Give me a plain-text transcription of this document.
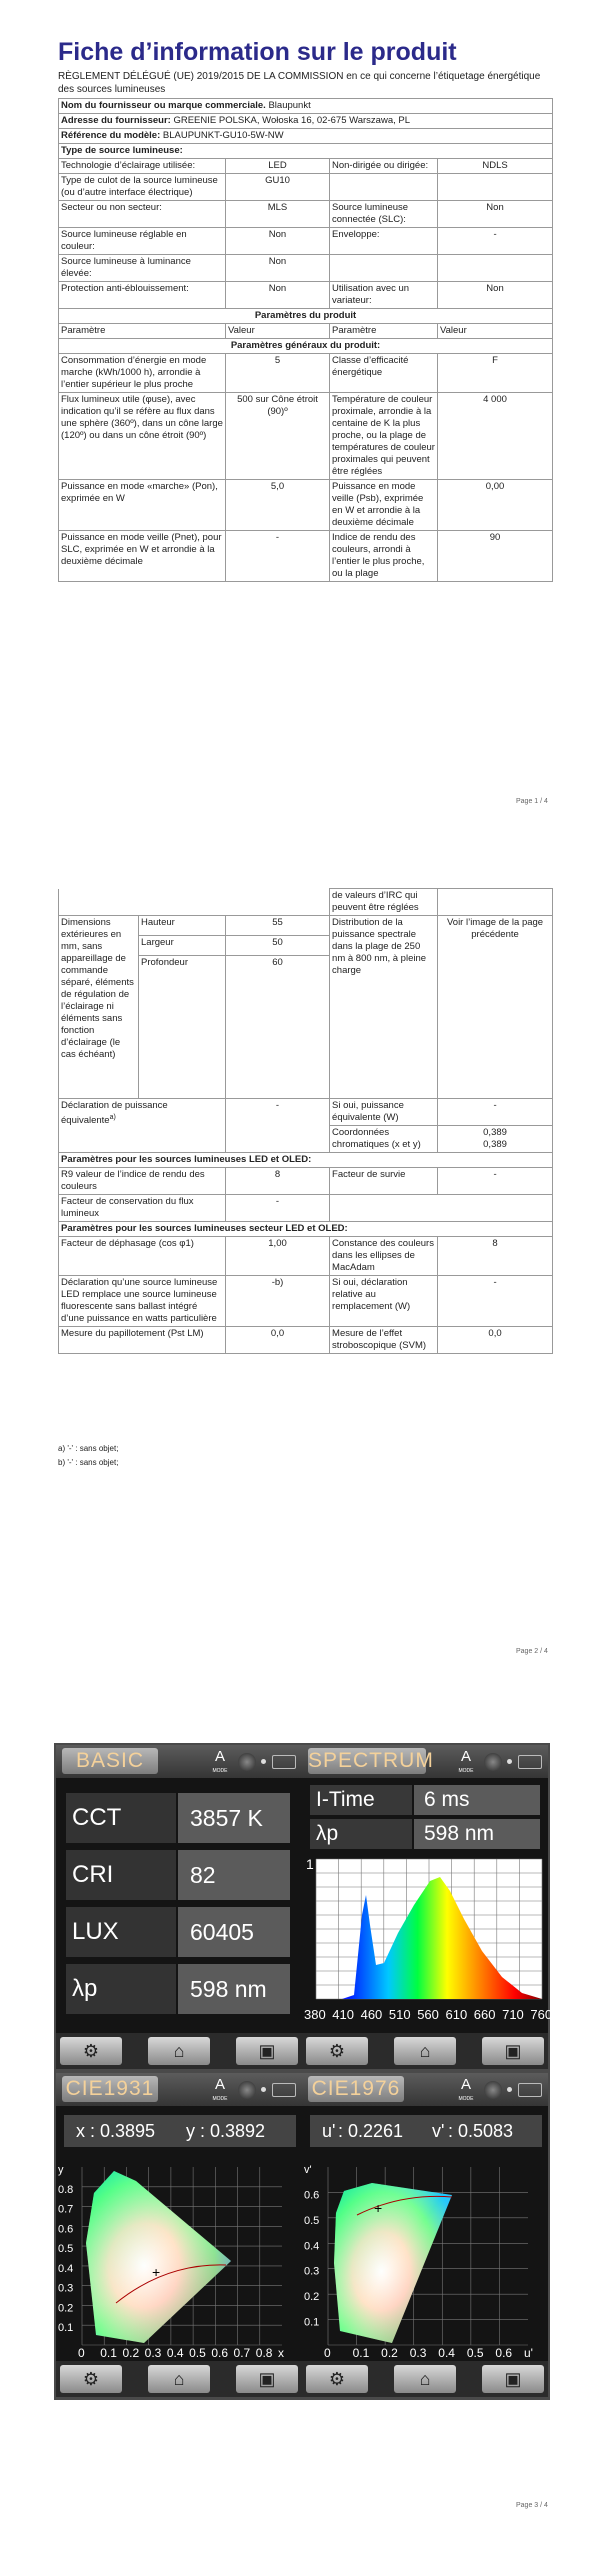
Fiche d’information sur le produit
RÈGLEMENT DÉLÉGUÉ (UE) 2019/2015 DE LA COMMISSION en ce qui concerne l’étiquetage énergétique des sources lumineuses
Nom du fournisseur ou marque commerciale. Blaupunkt			
Adresse du fournisseur: GREENIE POLSKA, Wołoska 16, 02-675 Warszawa, PL			
Référence du modèle: BLAUPUNKT-GU10-5W-NW			
Type de source lumineuse:			
Technologie d’éclairage utilisée:	LED	Non-dirigée ou dirigée:	NDLS
Type de culot de la source lumineuse (ou d’autre interface électrique)	GU10		
Secteur ou non secteur:	MLS	Source lumineuse connectée (SLC):	Non
Source lumineuse réglable en couleur:	Non	Enveloppe:	-
Source lumineuse à luminance élevée:	Non		
Protection anti-éblouissement:	Non	Utilisation avec un variateur:	Non
Paramètres du produit			
Paramètre	Valeur	Paramètre	Valeur
Paramètres généraux du produit:			
Consommation d’énergie en mode marche (kWh/1000 h), arrondie à l’entier supérieur le plus proche	5	Classe d’efficacité énergétique	F
Flux lumineux utile (φuse), avec indication qu’il se réfère au flux dans une sphère (360º), dans un cône large (120º) ou dans un cône étroit (90º)	500 sur Cône étroit (90)º	Température de couleur proximale, arrondie à la centaine de K la plus proche, ou la plage de températures de couleur proximales qui peuvent être réglées	4 000
Puissance en mode «marche» (Pon), exprimée en W	5,0	Puissance en mode veille (Psb), exprimée en W et arrondie à la deuxième décimale	0,00
Puissance en mode veille (Pnet), pour SLC, exprimée en W et arrondie à la deuxième décimale	-	Indice de rendu des couleurs, arrondi à l’entier le plus proche, ou la plage	90
Page 1 / 4
			de valeurs d’IRC qui peuvent être réglées	
Dimensions extérieures en mm, sans appareillage de commande séparé, éléments de régulation de l’éclairage ni éléments sans fonction d’éclairage (le cas échéant)	Hauteur	55	Distribution de la puissance spectrale dans la plage de 250 nm à 800 nm, à pleine charge	Voir l’image de la page précédente
	Largeur	50		
	Profondeur	60		
Déclaration de puissance équivalente$^{a)}$		-	Si oui, puissance équivalente (W)	-
			Coordonnées chromatiques (x et y)	0,389
0,389
Paramètres pour les sources lumineuses LED et OLED:				
R9 valeur de l’indice de rendu des couleurs		8	Facteur de survie	-
Facteur de conservation du flux lumineux		-		
Paramètres pour les sources lumineuses secteur LED et OLED:				
Facteur de déphasage (cos φ1)		1,00	Constance des couleurs dans les ellipses de MacAdam	8
Déclaration qu’une source lumineuse LED remplace une source lumineuse fluorescente sans ballast intégré d’une puissance en watts particulière		-b)	Si oui, déclaration relative au remplacement (W)	-
Mesure du papillotement (Pst LM)		0,0	Mesure de l’effet stroboscopique (SVM)	0,0
a) '-' : sans objet;
b) '-' : sans objet;
Page 2 / 4
BASIC	A
MODE
CCT	3857 K
CRI	82
LUX	60405
λp	598 nm
⚙	⌂	▣
SPECTRUM	A
MODE
I-Time	6 ms
λp	598 nm
1
380 410 460 510 560 610 660 710 760
⚙	⌂	▣
CIE1931	A
MODE
x : 0.3895 y : 0.3892
+
0 0.1 0.2 0.3 0.4 0.5 0.6 0.7 0.8 x
y
0.8
0.7
0.6
0.5
0.4
0.3
0.2
0.1
⚙	⌂	▣
CIE1976	A
MODE
u' : 0.2261 v' : 0.5083
+
0 0.1 0.2 0.3 0.4 0.5 0.6 u'
v'
0.6
0.5
0.4
0.3
0.2
0.1
⚙	⌂	▣
Page 3 / 4
